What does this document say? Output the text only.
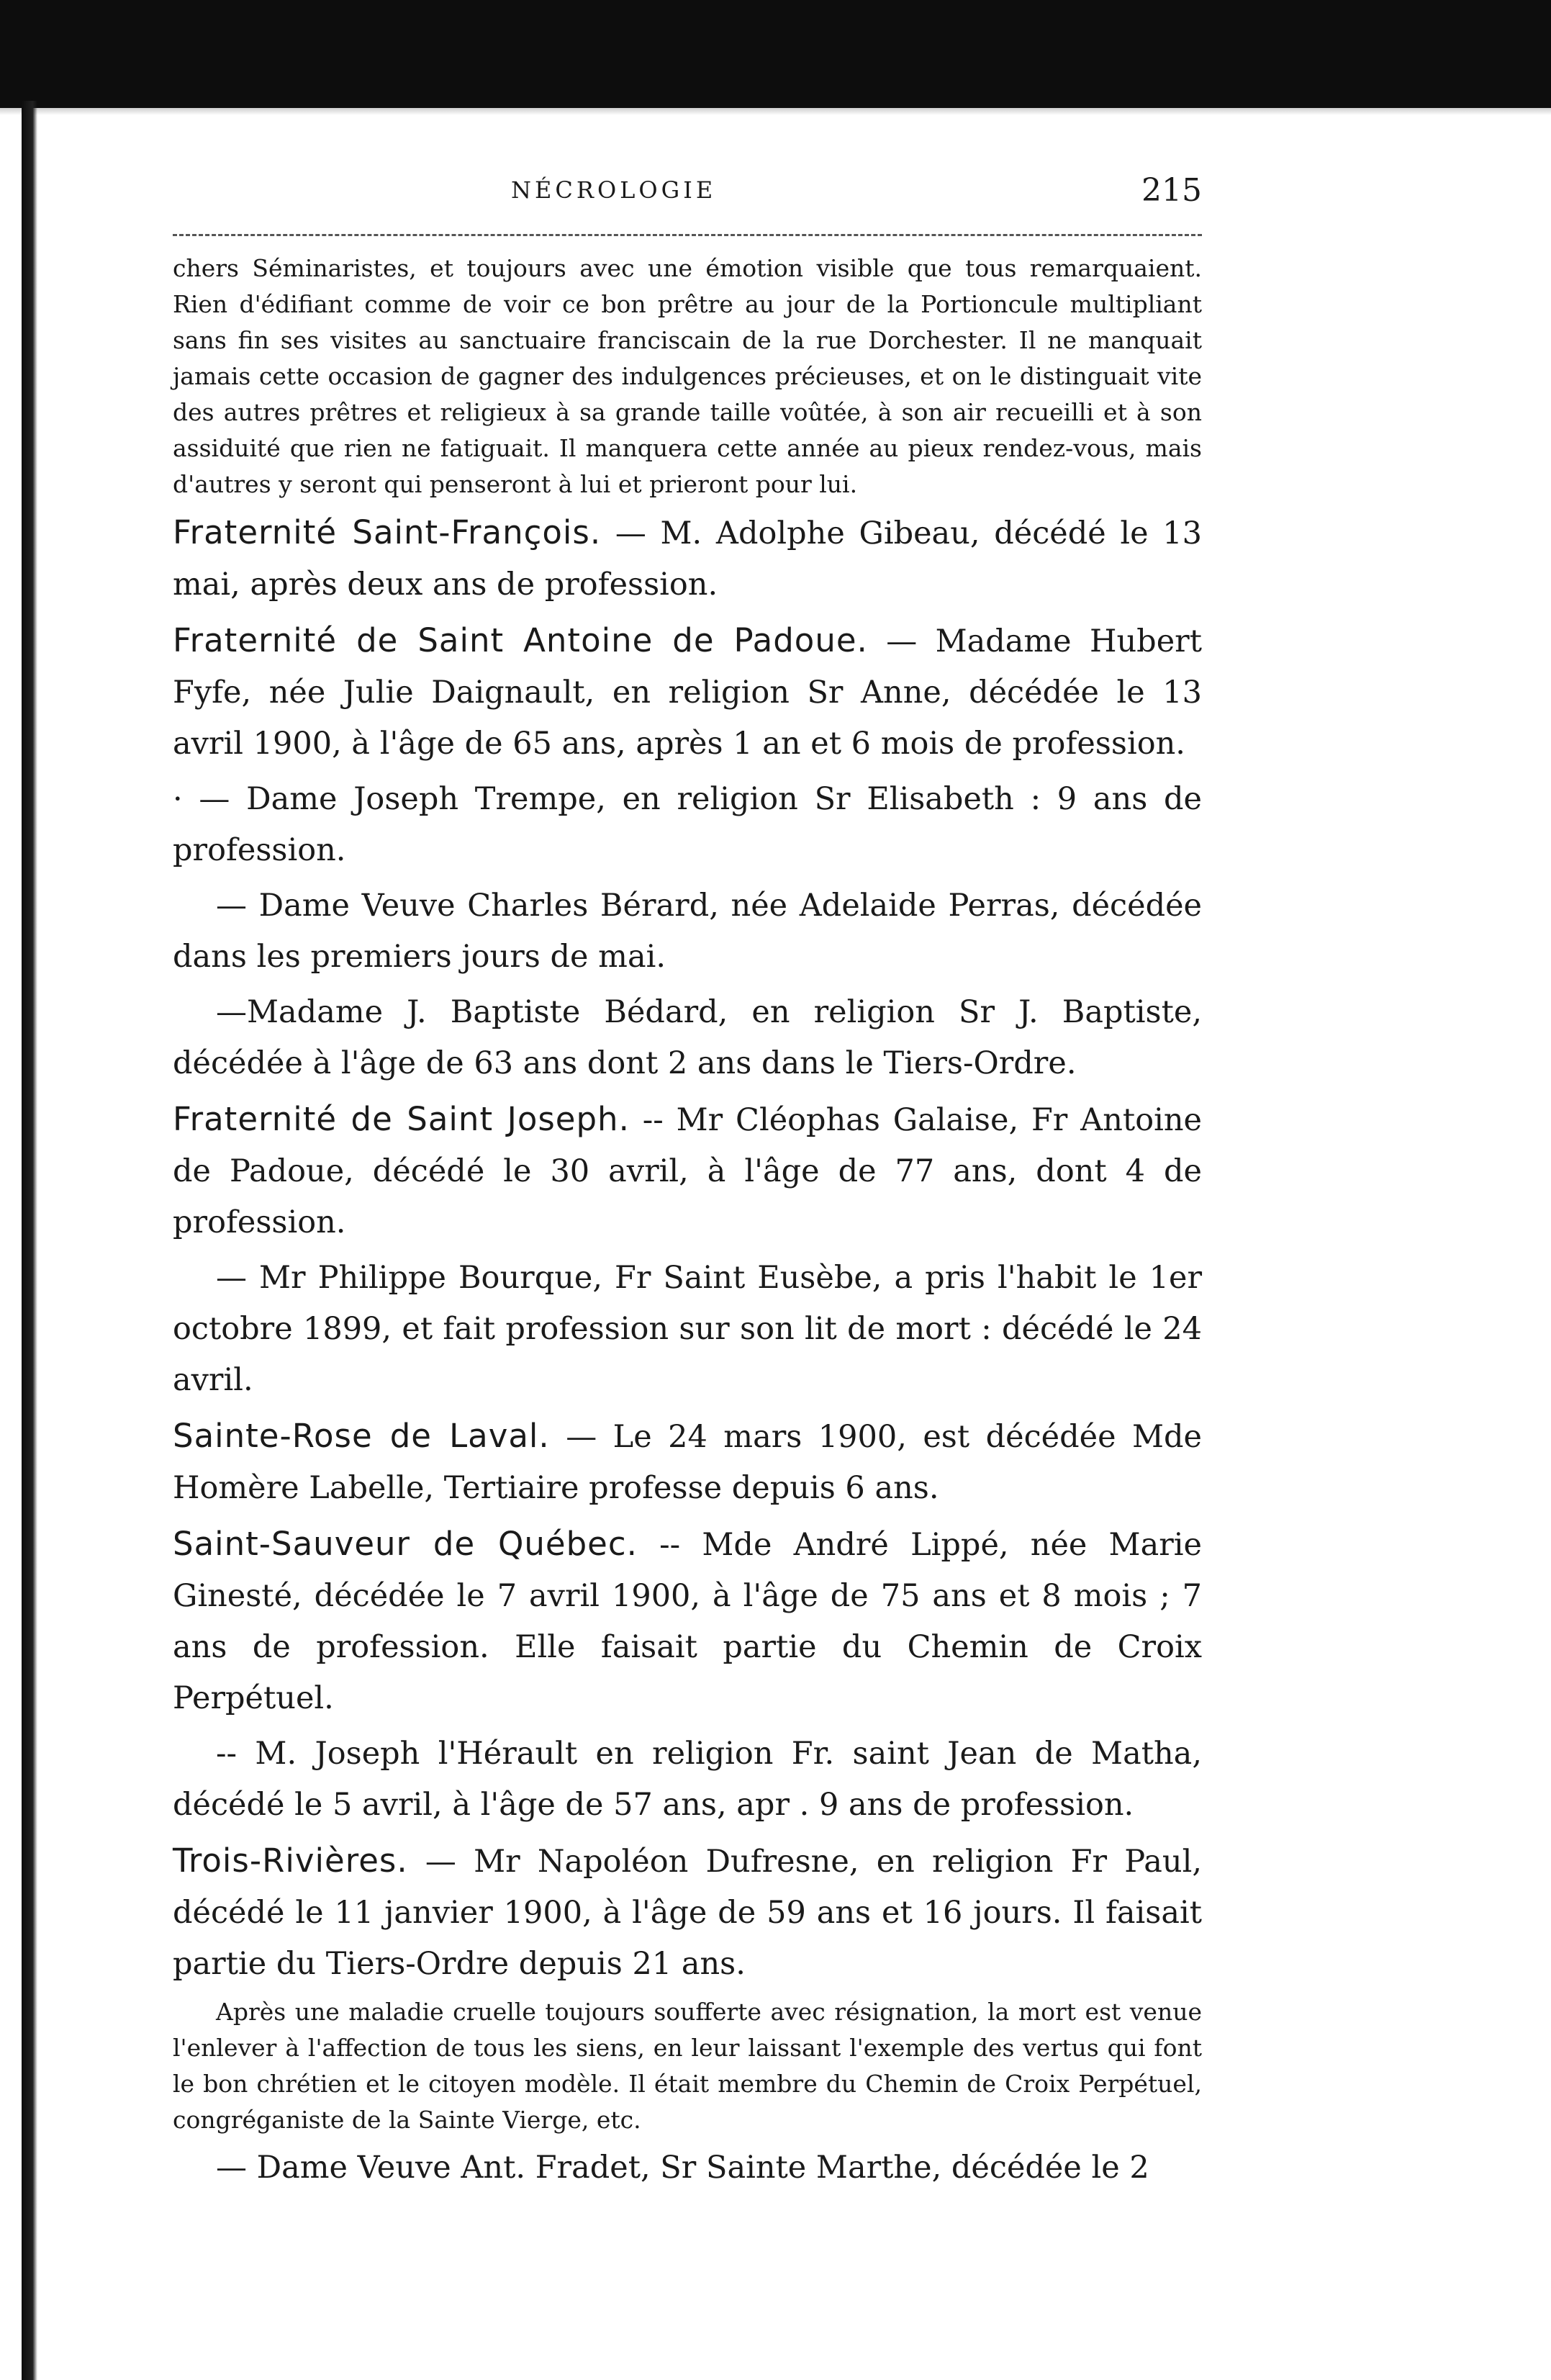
NÉCROLOGIE	215

chers Séminaristes, et toujours avec une émotion visible que tous remarquaient. Rien d'édifiant comme de voir ce bon prêtre au jour de la Portioncule multipliant sans fin ses visites au sanctuaire franciscain de la rue Dorchester. Il ne manquait jamais cette occasion de gagner des indulgences précieuses, et on le distinguait vite des autres prêtres et religieux à sa grande taille voûtée, à son air recueilli et à son assiduité que rien ne fatiguait. Il manquera cette année au pieux rendez-vous, mais d'autres y seront qui penseront à lui et prieront pour lui.

Fraternité Saint-François. — M. Adolphe Gibeau, décédé le 13 mai, après deux ans de profession.

Fraternité de Saint Antoine de Padoue. — Madame Hubert Fyfe, née Julie Daignault, en religion Sr Anne, décédée le 13 avril 1900, à l'âge de 65 ans, après 1 an et 6 mois de profession.

· — Dame Joseph Trempe, en religion Sr Elisabeth : 9 ans de profession.

— Dame Veuve Charles Bérard, née Adelaide Perras, décédée dans les premiers jours de mai.

—Madame J. Baptiste Bédard, en religion Sr J. Baptiste, décédée à l'âge de 63 ans dont 2 ans dans le Tiers-Ordre.

Fraternité de Saint Joseph. -- Mr Cléophas Galaise, Fr Antoine de Padoue, décédé le 30 avril, à l'âge de 77 ans, dont 4 de profession.

— Mr Philippe Bourque, Fr Saint Eusèbe, a pris l'habit le 1er octobre 1899, et fait profession sur son lit de mort : décédé le 24 avril.

Sainte-Rose de Laval. — Le 24 mars 1900, est décédée Mde Homère Labelle, Tertiaire professe depuis 6 ans.

Saint-Sauveur de Québec. -- Mde André Lippé, née Marie Ginesté, décédée le 7 avril 1900, à l'âge de 75 ans et 8 mois ; 7 ans de profession. Elle faisait partie du Chemin de Croix Perpétuel.

-- M. Joseph l'Hérault en religion Fr. saint Jean de Matha, décédé le 5 avril, à l'âge de 57 ans, apr . 9 ans de profession.

Trois-Rivières. — Mr Napoléon Dufresne, en religion Fr Paul, décédé le 11 janvier 1900, à l'âge de 59 ans et 16 jours. Il faisait partie du Tiers-Ordre depuis 21 ans.

Après une maladie cruelle toujours soufferte avec résignation, la mort est venue l'enlever à l'affection de tous les siens, en leur laissant l'exemple des vertus qui font le bon chrétien et le citoyen modèle. Il était membre du Chemin de Croix Perpétuel, congréganiste de la Sainte Vierge, etc.

— Dame Veuve Ant. Fradet, Sr Sainte Marthe, décédée le 2
